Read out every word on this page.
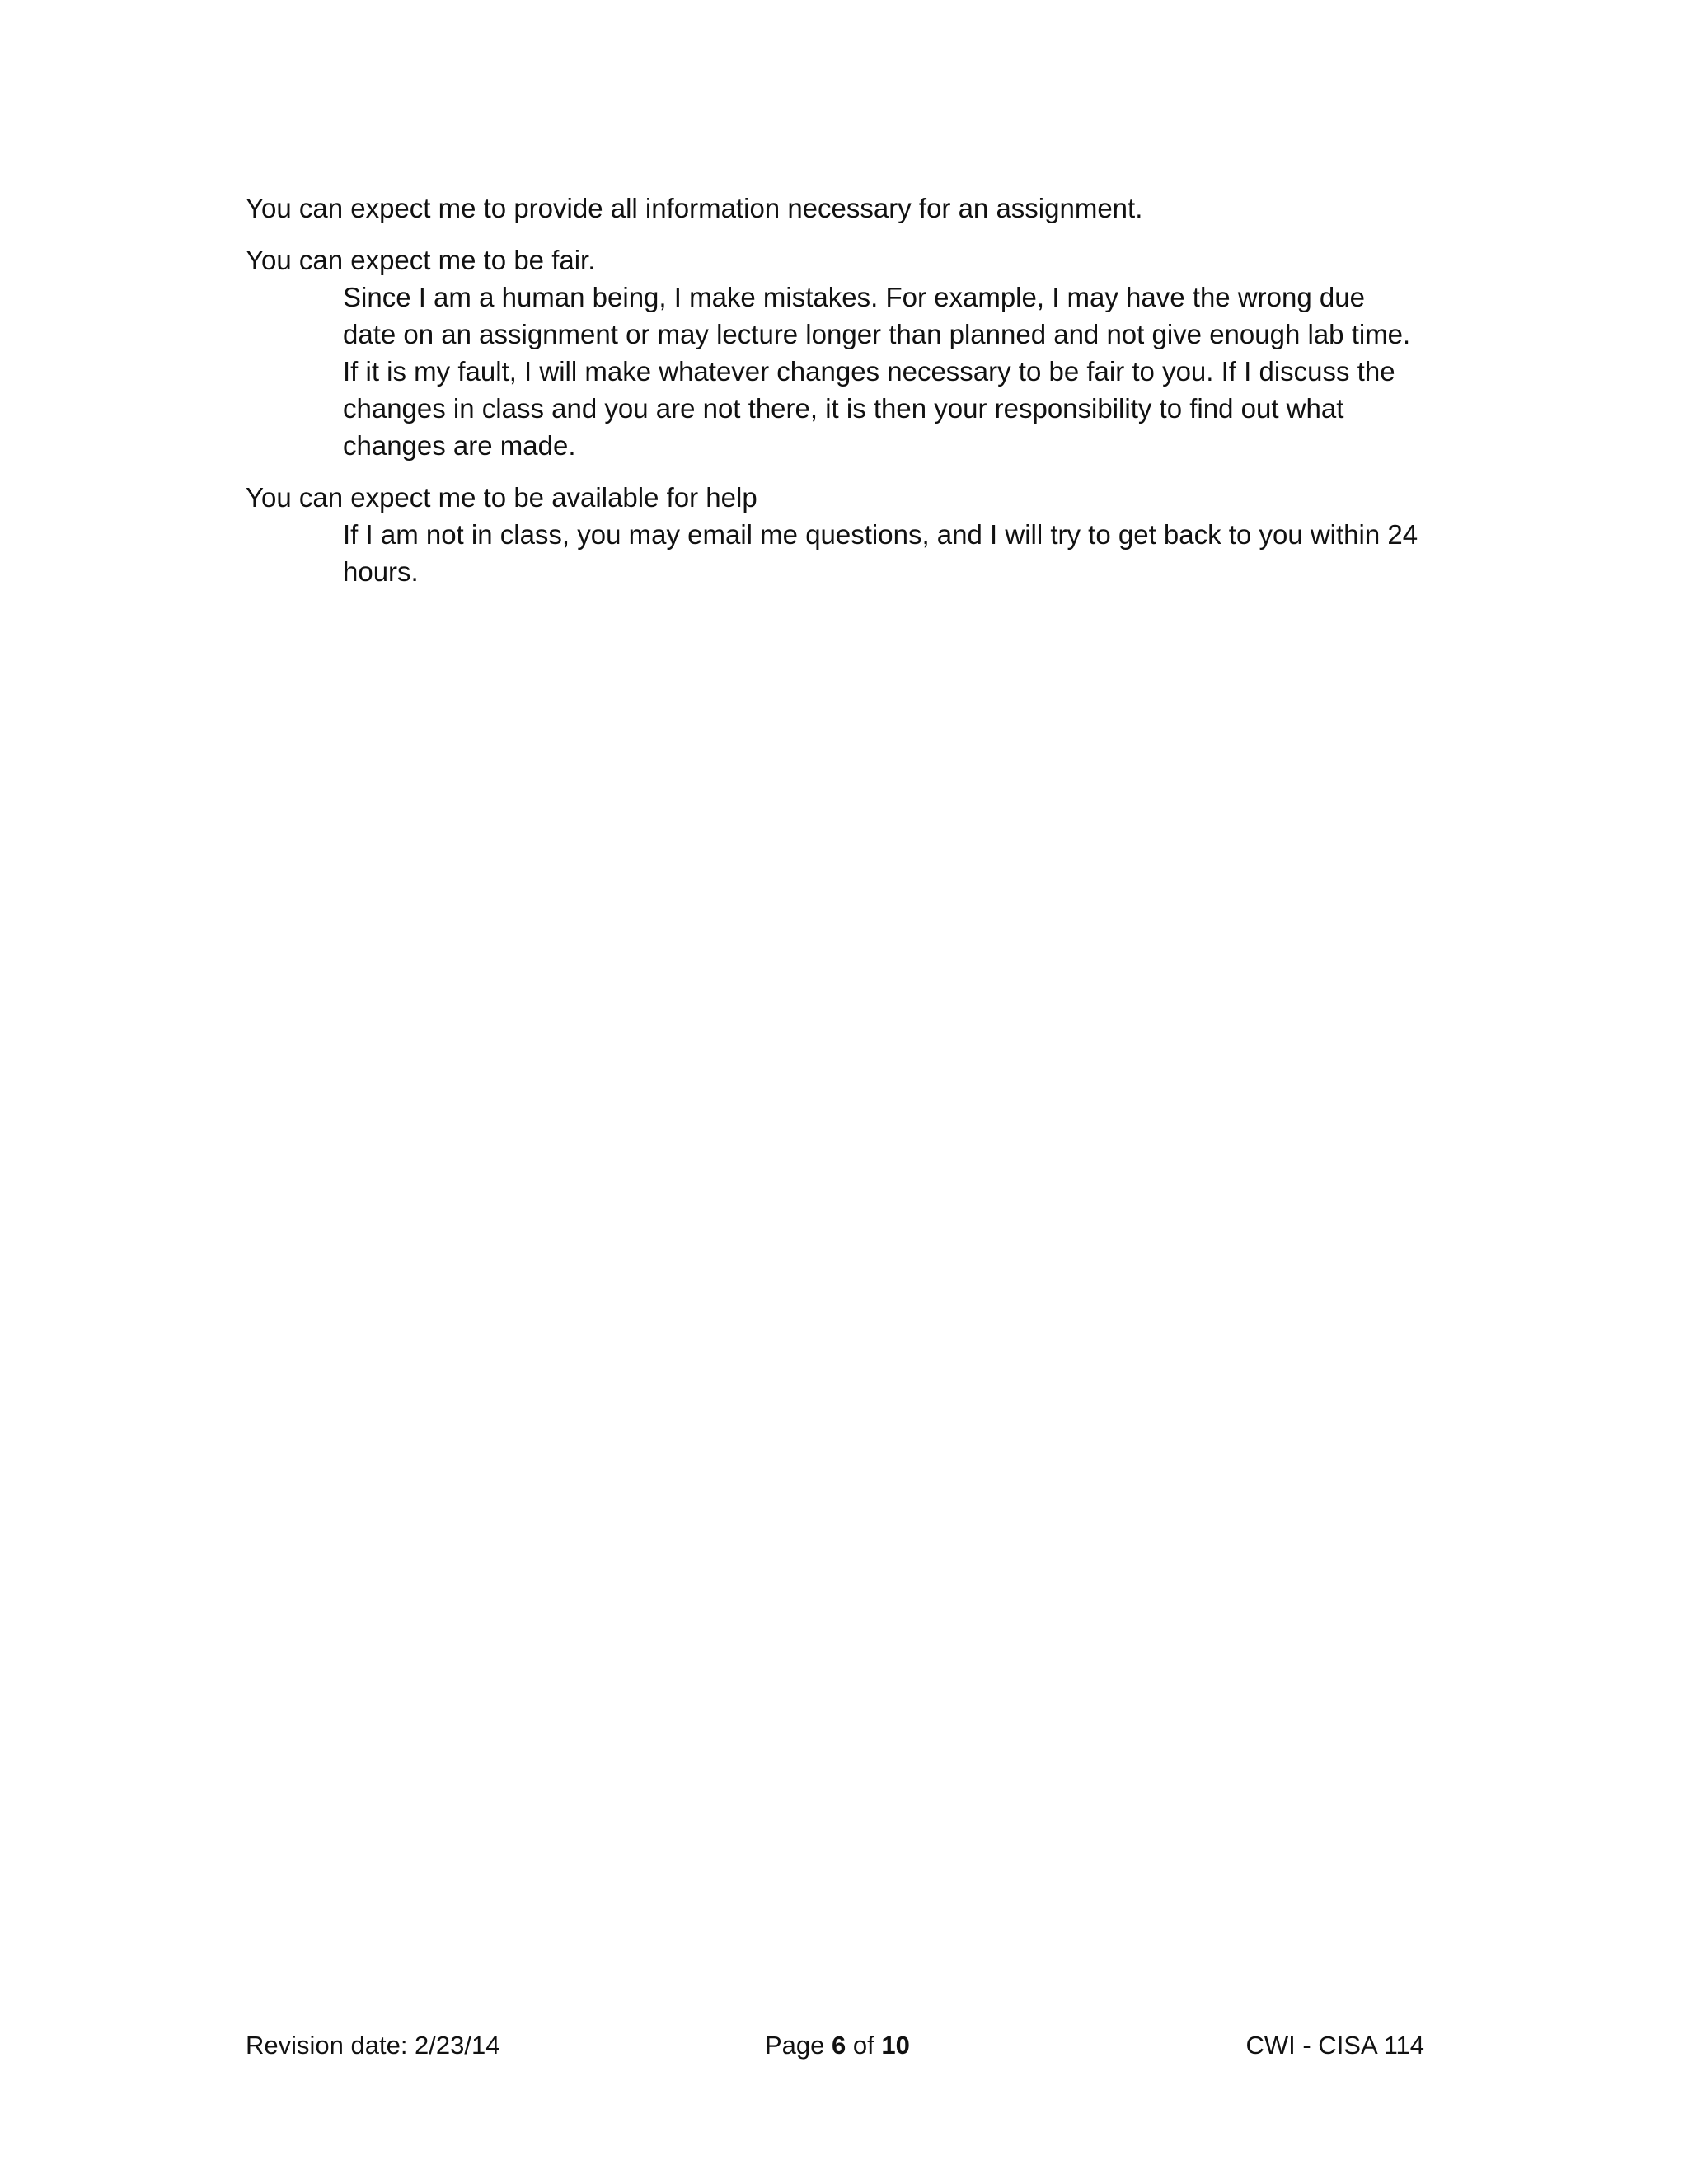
You can expect me to provide all information necessary for an assignment.
You can expect me to be fair.
Since I am a human being, I make mistakes. For example, I may have the wrong due date on an assignment or may lecture longer than planned and not give enough lab time. If it is my fault, I will make whatever changes necessary to be fair to you. If I discuss the changes in class and you are not there, it is then your responsibility to find out what changes are made.
You can expect me to be available for help
If I am not in class, you may email me questions, and I will try to get back to you within 24 hours.
Revision date: 2/23/14	Page 6 of 10	CWI - CISA 114
